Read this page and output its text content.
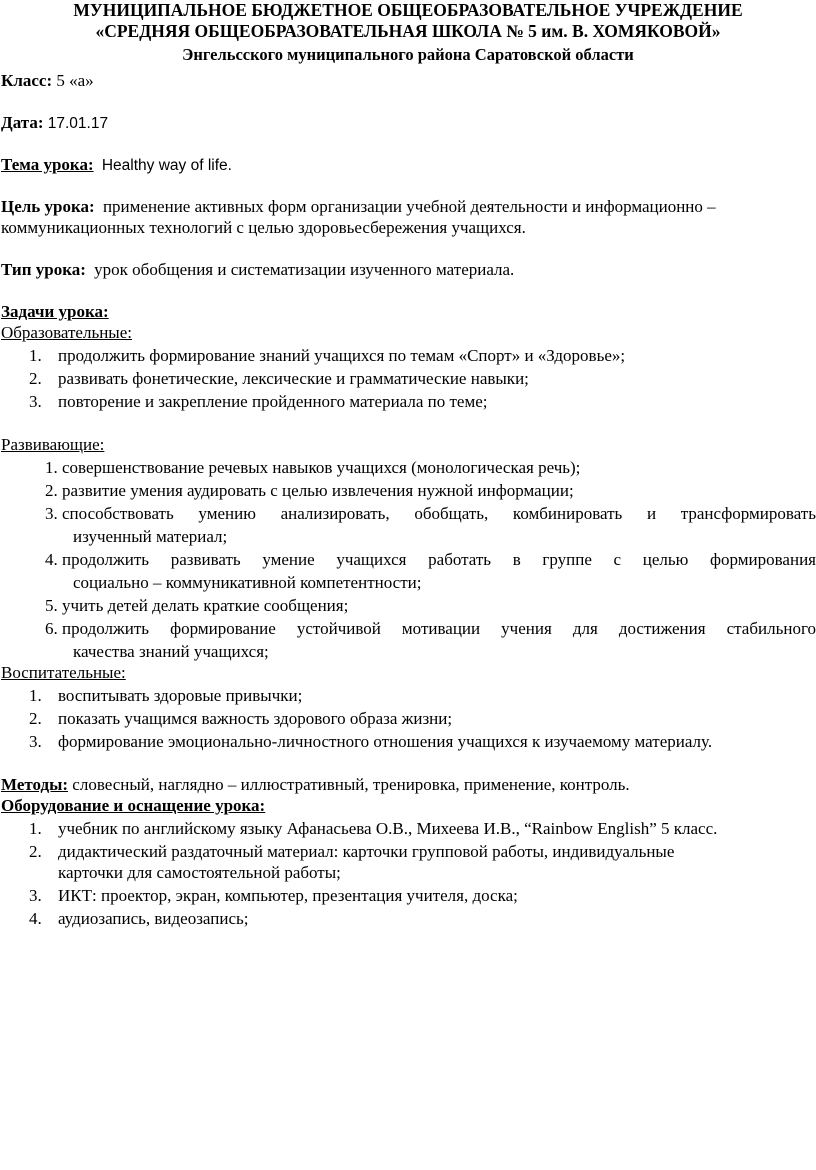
МУНИЦИПАЛЬНОЕ БЮДЖЕТНОЕ ОБЩЕОБРАЗОВАТЕЛЬНОЕ УЧРЕЖДЕНИЕ
«СРЕДНЯЯ ОБЩЕОБРАЗОВАТЕЛЬНАЯ ШКОЛА № 5 им. В. ХОМЯКОВОЙ»
Энгельсского муниципального района Саратовской области
Класс: 5 «а»
Дата: 17.01.17
Тема урока: Healthy way of life.
Цель урока: применение активных форм организации учебной деятельности и информационно –
коммуникационных технологий с целью здоровьесбережения учащихся.
Тип урока: урок обобщения и систематизации изученного материала.
Задачи урока:
Образовательные:
1. продолжить формирование знаний учащихся по темам «Спорт» и «Здоровье»;
2. развивать фонетические, лексические и грамматические навыки;
3. повторение и закрепление пройденного материала по теме;
Развивающие:
1. совершенствование речевых навыков учащихся (монологическая речь);
2. развитие умения аудировать с целью извлечения нужной информации;
3. способствовать умению анализировать, обобщать, комбинировать и трансформировать
изученный материал;
4. продолжить развивать умение учащихся работать в группе с целью формирования
социально – коммуникативной компетентности;
5. учить детей делать краткие сообщения;
6. продолжить формирование устойчивой мотивации учения для достижения стабильного
качества знаний учащихся;
Воспитательные:
1. воспитывать здоровые привычки;
2. показать учащимся важность здорового образа жизни;
3. формирование эмоционально-личностного отношения учащихся к изучаемому материалу.
Методы: словесный, наглядно – иллюстративный, тренировка, применение, контроль.
Оборудование и оснащение урока:
1. учебник по английскому языку Афанасьева О.В., Михеева И.В., “Rainbow English” 5 класс.
2. дидактический раздаточный материал: карточки групповой работы, индивидуальные
карточки для самостоятельной работы;
3. ИКТ: проектор, экран, компьютер, презентация учителя, доска;
4. аудиозапись, видеозапись;
